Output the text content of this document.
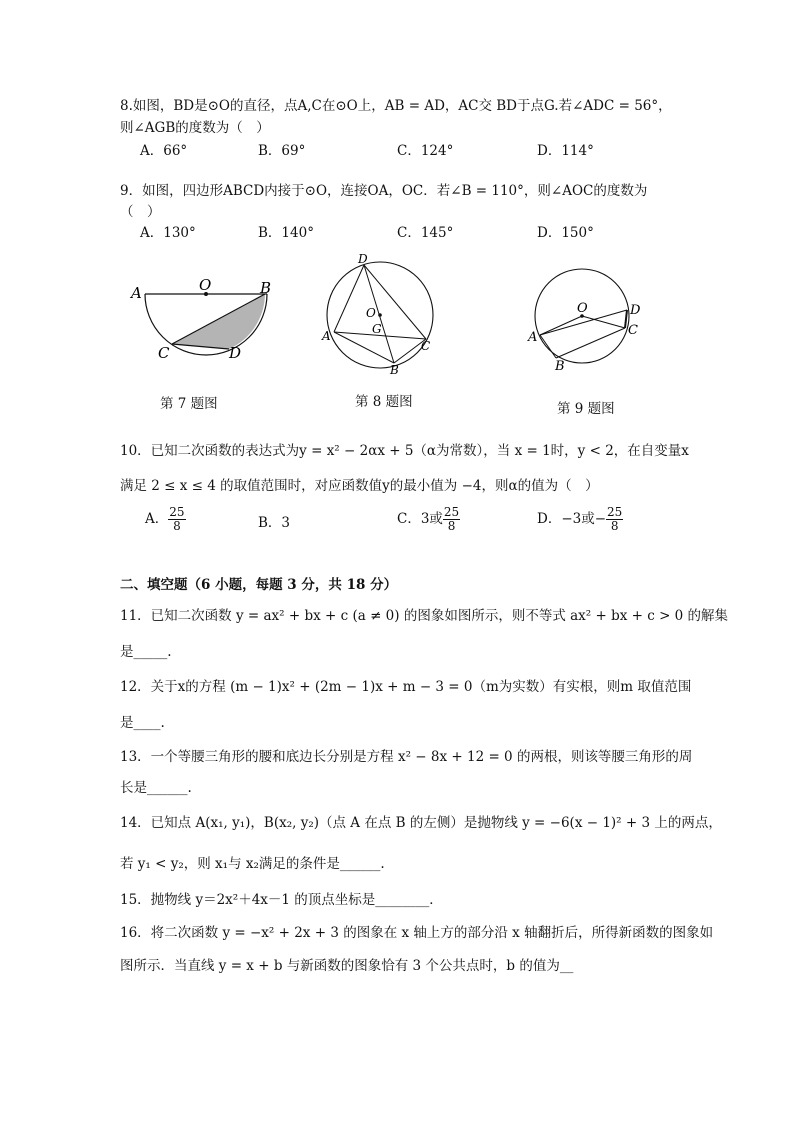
8.如图，BD是⊙O的直径，点A,C在⊙O上，AB = AD，AC交 BD于点G.若∠ADC = 56°，
则∠AGB的度数为（　）
A．66°	B．69°	C．124°	D．114°
9．如图，四边形ABCD内接于⊙O，连接OA，OC．若∠B = 110°，则∠AOC的度数为
（　）
A．130°	B．140°	C．145°	D．150°
A	O	B
C	D
D
O
G
A
C
B
O	D
C
A
B
第 7 题图	第 8 题图	第 9 题图
10．已知二次函数的表达式为y = x² − 2αx + 5（α为常数），当 x = 1时，y < 2，在自变量x
满足 2 ≤ x ≤ 4 的取值范围时，对应函数值y的最小值为 −4，则α的值为（　）
A． $\frac{25}{8}$	B．3	C．3或 $\frac{25}{8}$	D．−3或− $\frac{25}{8}$
二、填空题（6 小题，每题 3 分，共 18 分）
11．已知二次函数 y = ax² + bx + c (a ≠ 0) 的图象如图所示，则不等式 ax² + bx + c > 0 的解集
是_____.
12．关于x的方程 (m − 1)x² + (2m − 1)x + m − 3 = 0（m为实数）有实根，则m 取值范围
是____.
13．一个等腰三角形的腰和底边长分别是方程 x² − 8x + 12 = 0 的两根，则该等腰三角形的周
长是______.
14．已知点 A(x₁, y₁)，B(x₂, y₂)（点 A 在点 B 的左侧）是抛物线 y = −6(x − 1)² + 3 上的两点，
若 y₁ < y₂，则 x₁与 x₂满足的条件是______.
15．抛物线 y＝2x²＋4x－1 的顶点坐标是________．
16．将二次函数 y = −x² + 2x + 3 的图象在 x 轴上方的部分沿 x 轴翻折后，所得新函数的图象如
图所示．当直线 y = x + b 与新函数的图象恰有 3 个公共点时，b 的值为__
